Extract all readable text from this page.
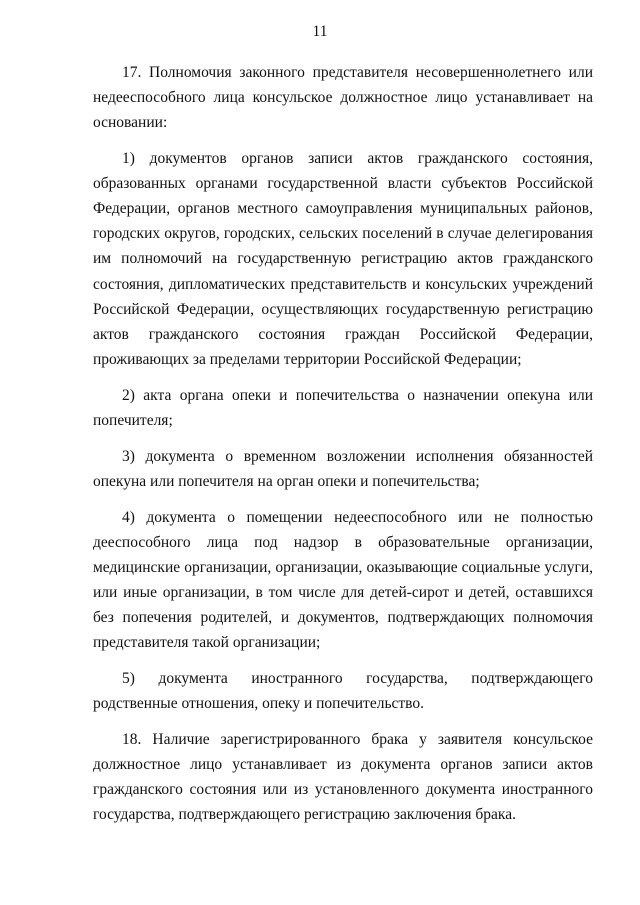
11

17. Полномочия законного представителя несовершеннолетнего или недееспособного лица консульское должностное лицо устанавливает на основании:

1) документов органов записи актов гражданского состояния, образованных органами государственной власти субъектов Российской Федерации, органов местного самоуправления муниципальных районов, городских округов, городских, сельских поселений в случае делегирования им полномочий на государственную регистрацию актов гражданского состояния, дипломатических представительств и консульских учреждений Российской Федерации, осуществляющих государственную регистрацию актов гражданского состояния граждан Российской Федерации, проживающих за пределами территории Российской Федерации;

2) акта органа опеки и попечительства о назначении опекуна или попечителя;

3) документа о временном возложении исполнения обязанностей опекуна или попечителя на орган опеки и попечительства;

4) документа о помещении недееспособного или не полностью дееспособного лица под надзор в образовательные организации, медицинские организации, организации, оказывающие социальные услуги, или иные организации, в том числе для детей-сирот и детей, оставшихся без попечения родителей, и документов, подтверждающих полномочия представителя такой организации;

5) документа иностранного государства, подтверждающего родственные отношения, опеку и попечительство.

18. Наличие зарегистрированного брака у заявителя консульское должностное лицо устанавливает из документа органов записи актов гражданского состояния или из установленного документа иностранного государства, подтверждающего регистрацию заключения брака.
